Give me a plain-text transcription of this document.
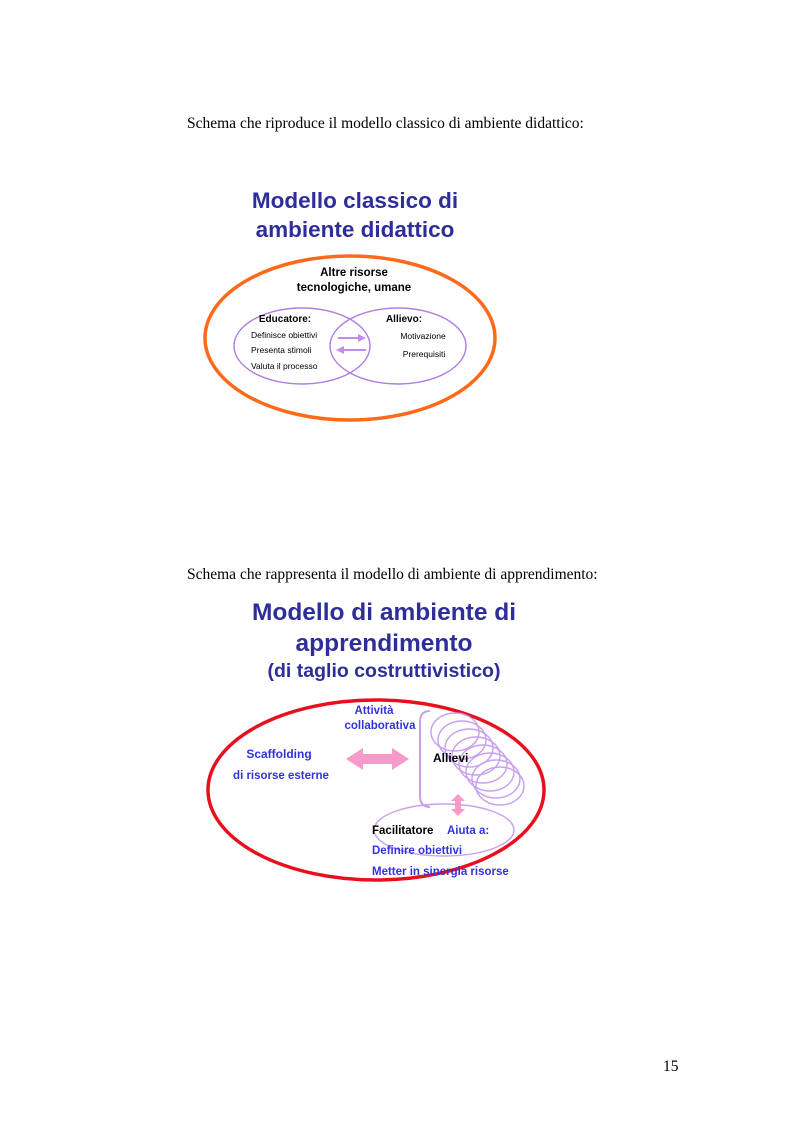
Schema che riproduce il modello classico di ambiente didattico:
Modello classico di
ambiente didattico
Altre risorse
tecnologiche, umane
Educatore:
Definisce obiettivi
Presenta stimoli
Valuta il processo
Allievo:
Motivazione
Prerequisiti
Schema che rappresenta il modello di ambiente di apprendimento:
Modello di ambiente di
apprendimento
(di taglio costruttivistico)
Attività
collaborativa
Scaffolding
di risorse esterne
Allievi
Facilitatore Aiuta a:
Definire obiettivi
Metter in sinergia risorse
15
